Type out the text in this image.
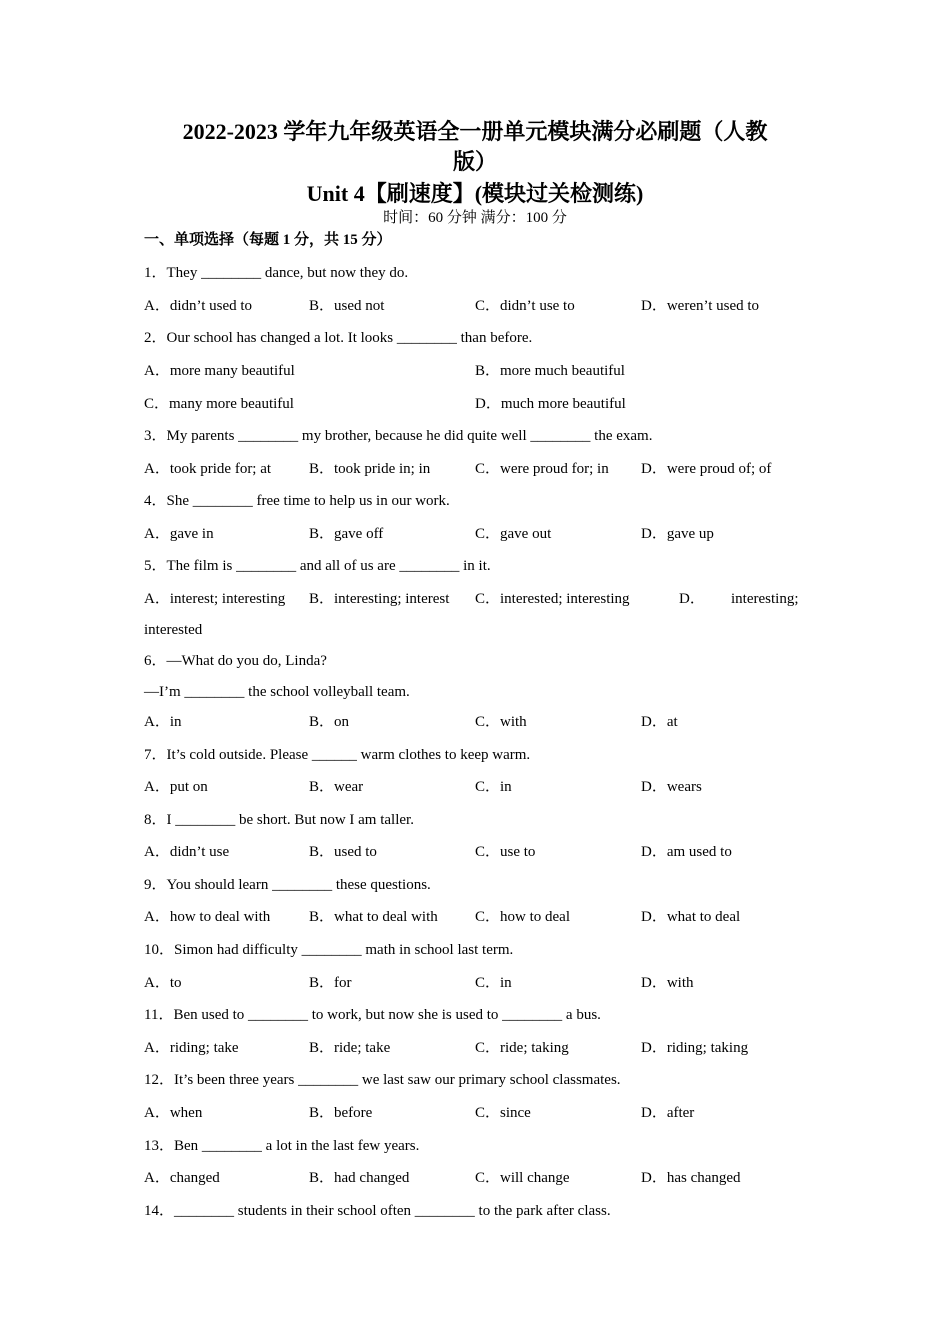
2022-2023 学年九年级英语全一册单元模块满分必刷题（人教
版）
Unit 4【刷速度】(模块过关检测练)
时间：60 分钟 满分：100 分
一、单项选择（每题 1 分，共 15 分）
1．They ________ dance, but now they do.
A．didn’t used to	B．used not	C．didn’t use to	D．weren’t used to
2．Our school has changed a lot. It looks ________ than before.
A．more many beautiful	B．more much beautiful
C．many more beautiful	D．much more beautiful
3．My parents ________ my brother, because he did quite well ________ the exam.
A．took pride for; at	B．took pride in; in	C．were proud for; in D．were proud of; of
4．She ________ free time to help us in our work.
A．gave in	B．gave off	C．gave out	D．gave up
5．The film is ________ and all of us are ________ in it.
A．interest; interesting B．interesting; interest C．interested; interesting	D． interesting;
interested
6．—What do you do, Linda?
—I’m ________ the school volleyball team.
A．in	B．on	C．with	D．at
7．It’s cold outside. Please ______ warm clothes to keep warm.
A．put on	B．wear	C．in	D．wears
8．I ________ be short. But now I am taller.
A．didn’t use	B．used to	C．use to	D．am used to
9．You should learn ________ these questions.
A．how to deal with	B．what to deal with C．how to deal	D．what to deal
10．Simon had difficulty ________ math in school last term.
A．to	B．for	C．in	D．with
11．Ben used to ________ to work, but now she is used to ________ a bus.
A．riding; take	B．ride; take	C．ride; taking	D．riding; taking
12．It’s been three years ________ we last saw our primary school classmates.
A．when	B．before	C．since	D．after
13．Ben ________ a lot in the last few years.
A．changed	B．had changed	C．will change	D．has changed
14．________ students in their school often ________ to the park after class.
